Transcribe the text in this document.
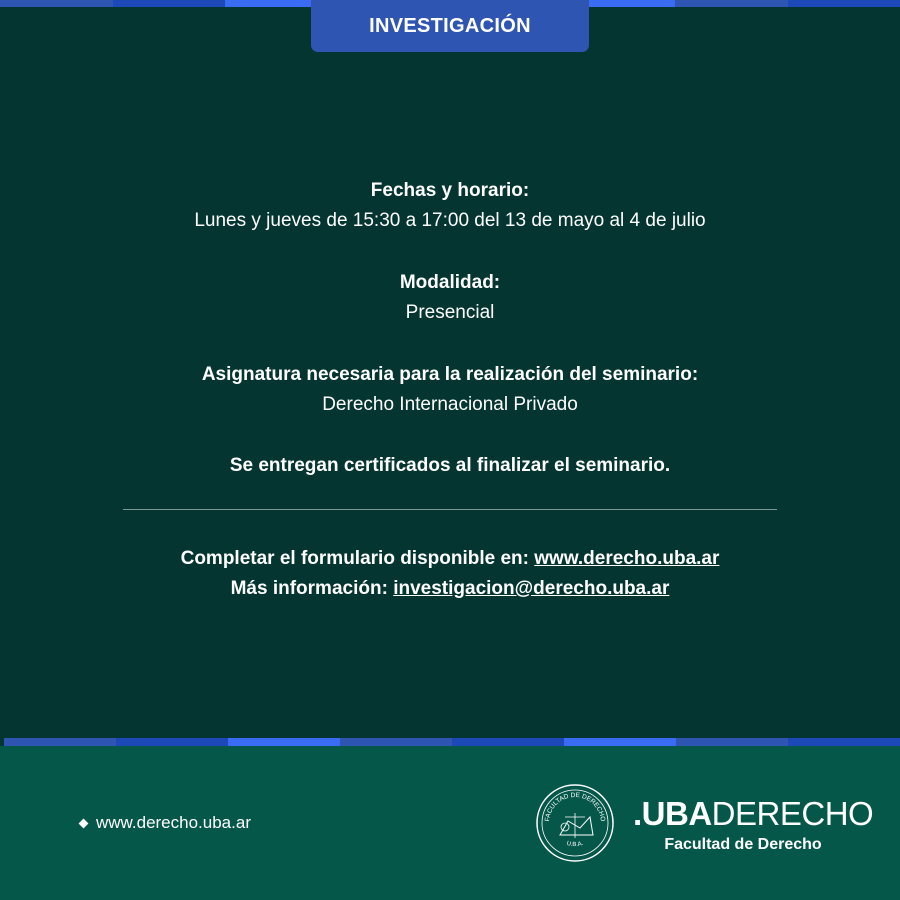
INVESTIGACIÓN
Fechas y horario:
Lunes y jueves de 15:30 a 17:00 del 13 de mayo al 4 de julio
Modalidad:
Presencial
Asignatura necesaria para la realización del seminario:
Derecho Internacional Privado
Se entregan certificados al finalizar el seminario.
Completar el formulario disponible en: www.derecho.uba.ar
Más información: investigacion@derecho.uba.ar
www.derecho.uba.ar	FACULTAD DE DERECHO
U.B.A.
.UBADERECHO
Facultad de Derecho
